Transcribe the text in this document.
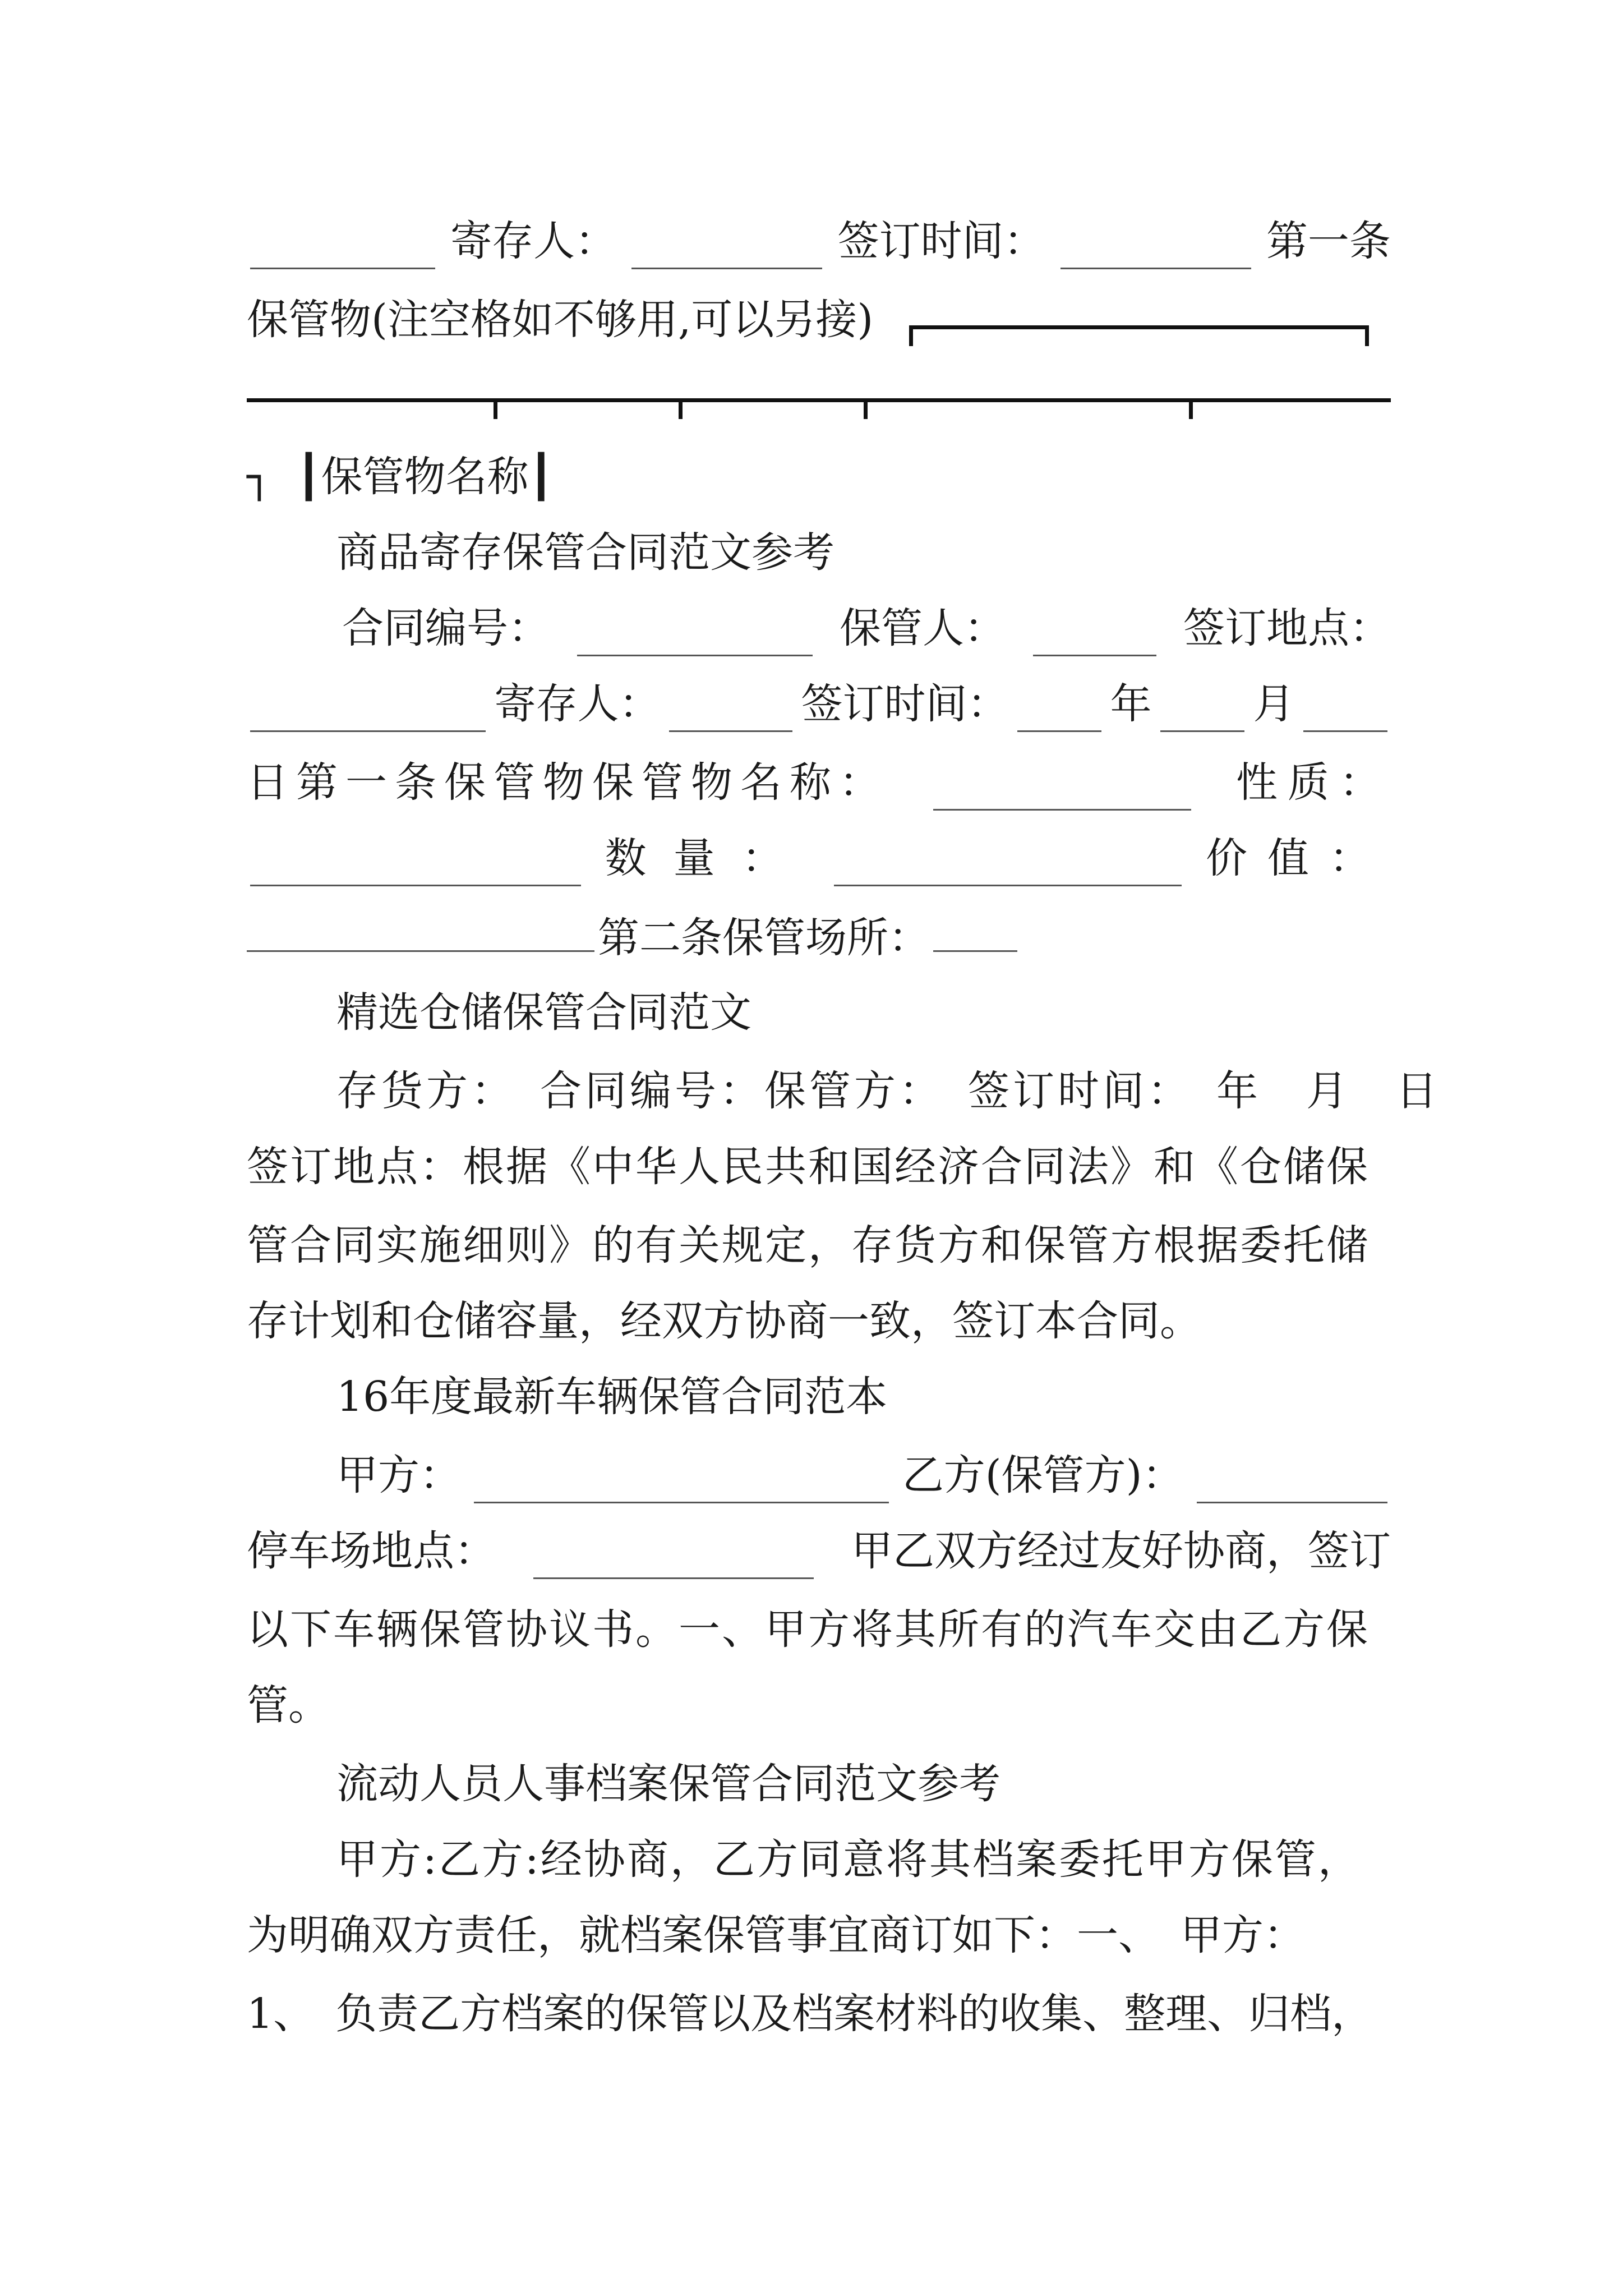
寄存人：	签订时间：	第一条
保管物(注空格如不够用,可以另接)
┐ ┃保管物名称┃
商品寄存保管合同范文参考
合同编号：	保管人：	签订地点：
寄存人：	签订时间： 年 月
日第一条保管物保管物名称：	性质：
数量：	价值：
第二条保管场所：
精选仓储保管合同范文
存货方：　合同编号：保管方：　签订时间：　年　月　日
签订地点：根据《中华人民共和国经济合同法》和《仓储保
管合同实施细则》的有关规定，存货方和保管方根据委托储
存计划和仓储容量，经双方协商一致，签订本合同。
16年度最新车辆保管合同范本
甲方：	乙方(保管方)：
停车场地点：	甲乙双方经过友好协商，签订
以下车辆保管协议书。一、甲方将其所有的汽车交由乙方保
管。
流动人员人事档案保管合同范文参考
甲方:乙方:经协商，乙方同意将其档案委托甲方保管，
为明确双方责任，就档案保管事宜商订如下：一、　甲方：
1、　负责乙方档案的保管以及档案材料的收集、整理、归档，
